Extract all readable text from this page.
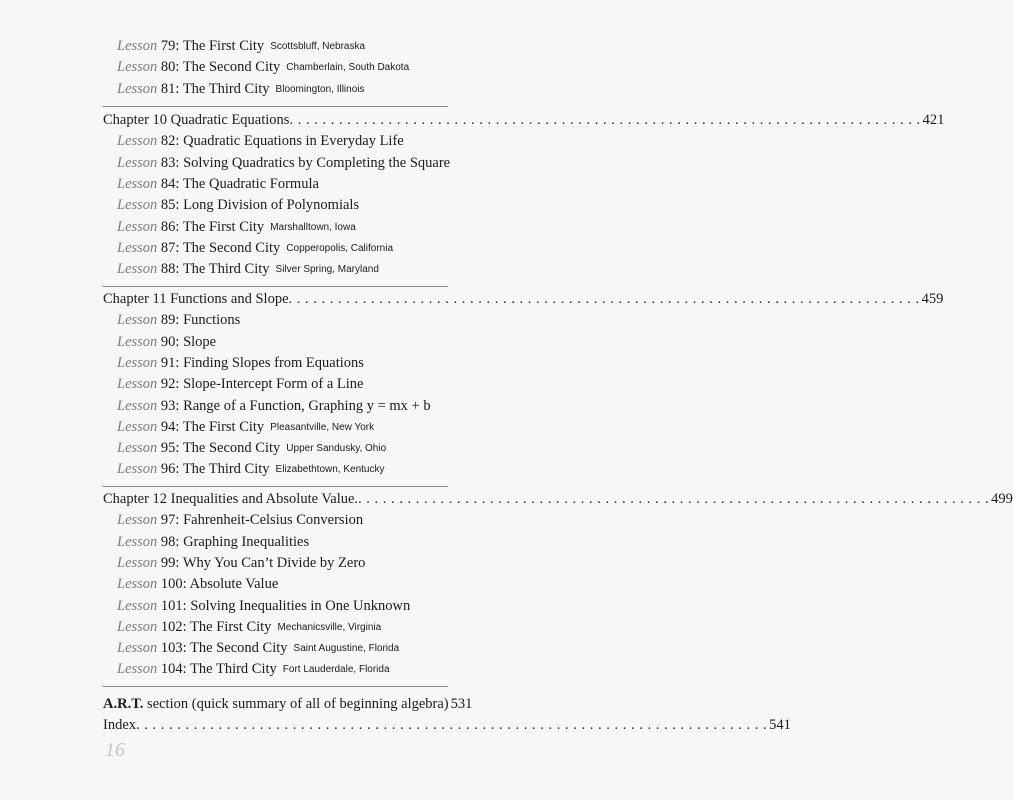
Lesson 79: The First City Scottsbluff, Nebraska
Lesson 80: The Second City Chamberlain, South Dakota
Lesson 81: The Third City Bloomington, Illinois
Chapter 10 Quadratic Equations . . . . . . . . . . . . . . . . . . . . . . . . . . . . . . . . . . . . . . . . . . . . . . . . . . . . . . . . . . . . . . . . . . . . . . . . . . . . . 421
Lesson 82: Quadratic Equations in Everyday Life
Lesson 83: Solving Quadratics by Completing the Square
Lesson 84: The Quadratic Formula
Lesson 85: Long Division of Polynomials
Lesson 86: The First City Marshalltown, Iowa
Lesson 87: The Second City Copperopolis, California
Lesson 88: The Third City Silver Spring, Maryland
Chapter 11 Functions and Slope . . . . . . . . . . . . . . . . . . . . . . . . . . . . . . . . . . . . . . . . . . . . . . . . . . . . . . . . . . . . . . . . . . . . . . . . . . . . . 459
Lesson 89: Functions
Lesson 90: Slope
Lesson 91: Finding Slopes from Equations
Lesson 92: Slope-Intercept Form of a Line
Lesson 93: Range of a Function, Graphing y = mx + b
Lesson 94: The First City Pleasantville, New York
Lesson 95: The Second City Upper Sandusky, Ohio
Lesson 96: The Third City Elizabethtown, Kentucky
Chapter 12 Inequalities and Absolute Value. . . . . . . . . . . . . . . . . . . . . . . . . . . . . . . . . . . . . . . . . . . . . . . . . . . . . . . . . . . . . . . . . . . . . . . . . . . . . . 499
Lesson 97: Fahrenheit-Celsius Conversion
Lesson 98: Graphing Inequalities
Lesson 99: Why You Can’t Divide by Zero
Lesson 100: Absolute Value
Lesson 101: Solving Inequalities in One Unknown
Lesson 102: The First City Mechanicsville, Virginia
Lesson 103: The Second City Saint Augustine, Florida
Lesson 104: The Third City Fort Lauderdale, Florida
A.R.T. section (quick summary of all of beginning algebra) 531
Index . . . . . . . . . . . . . . . . . . . . . . . . . . . . . . . . . . . . . . . . . . . . . . . . . . . . . . . . . . . . . . . . . . . . . . . . . . . . . 541
16
